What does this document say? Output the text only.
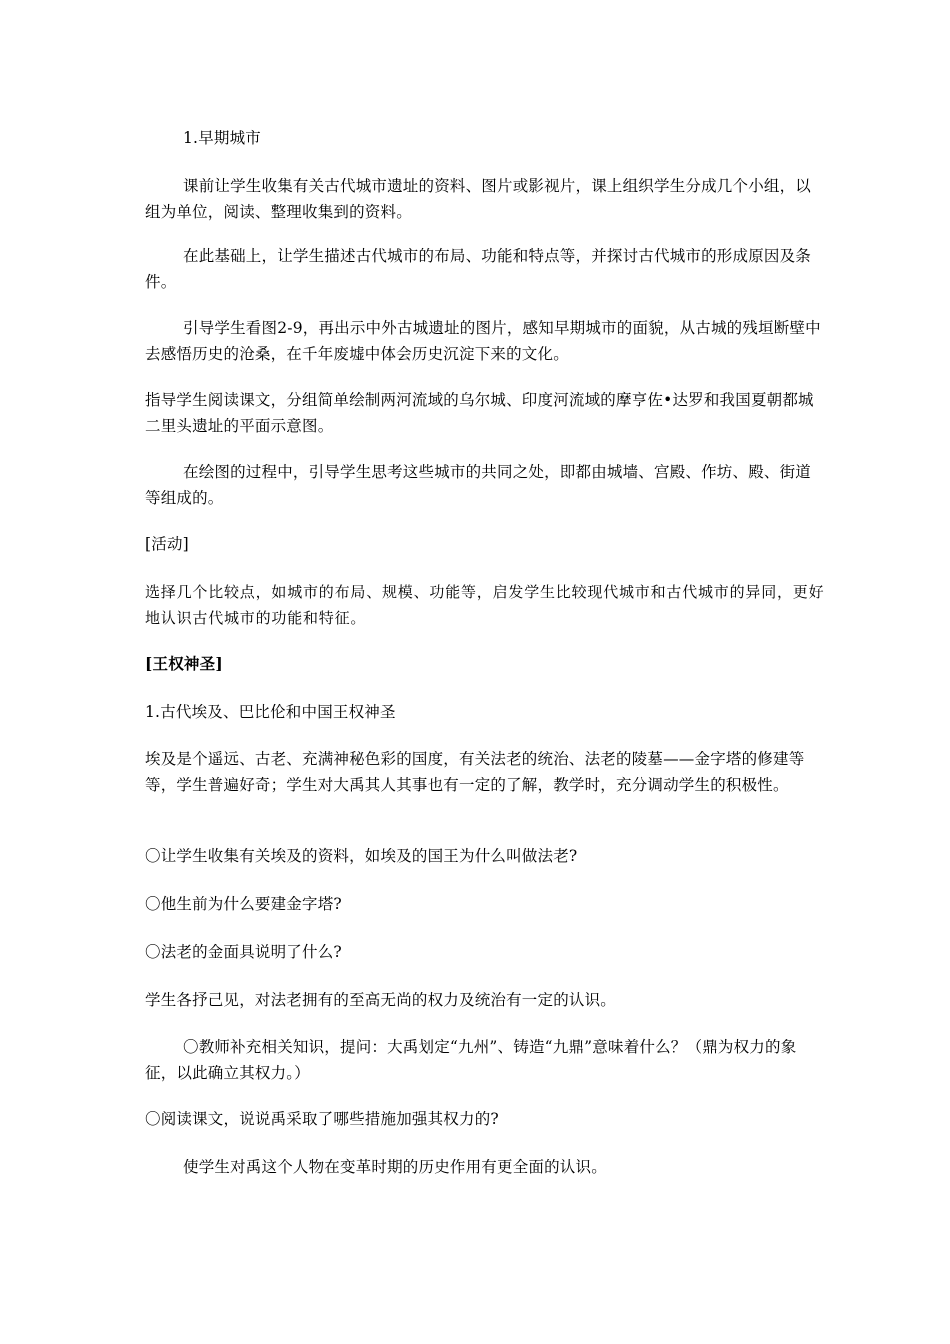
1.早期城市

课前让学生收集有关古代城市遗址的资料、图片或影视片，课上组织学生分成几个小组，以组为单位，阅读、整理收集到的资料。

在此基础上，让学生描述古代城市的布局、功能和特点等，并探讨古代城市的形成原因及条件。

引导学生看图2-9，再出示中外古城遗址的图片，感知早期城市的面貌，从古城的残垣断壁中去感悟历史的沧桑，在千年废墟中体会历史沉淀下来的文化。

指导学生阅读课文，分组简单绘制两河流域的乌尔城、印度河流域的摩亨佐•达罗和我国夏朝都城二里头遗址的平面示意图。

在绘图的过程中，引导学生思考这些城市的共同之处，即都由城墙、宫殿、作坊、殿、街道等组成的。

[活动]

选择几个比较点，如城市的布局、规模、功能等，启发学生比较现代城市和古代城市的异同，更好地认识古代城市的功能和特征。

[王权神圣]

1.古代埃及、巴比伦和中国王权神圣

埃及是个遥远、古老、充满神秘色彩的国度，有关法老的统治、法老的陵墓——金字塔的修建等等，学生普遍好奇；学生对大禹其人其事也有一定的了解，教学时，充分调动学生的积极性。

〇让学生收集有关埃及的资料，如埃及的国王为什么叫做法老?

〇他生前为什么要建金字塔?

〇法老的金面具说明了什么?

学生各抒己见，对法老拥有的至高无尚的权力及统治有一定的认识。

〇教师补充相关知识，提问：大禹划定“九州”、铸造“九鼎”意味着什么？（鼎为权力的象征，以此确立其权力。）

〇阅读课文，说说禹采取了哪些措施加强其权力的?

使学生对禹这个人物在变革时期的历史作用有更全面的认识。
